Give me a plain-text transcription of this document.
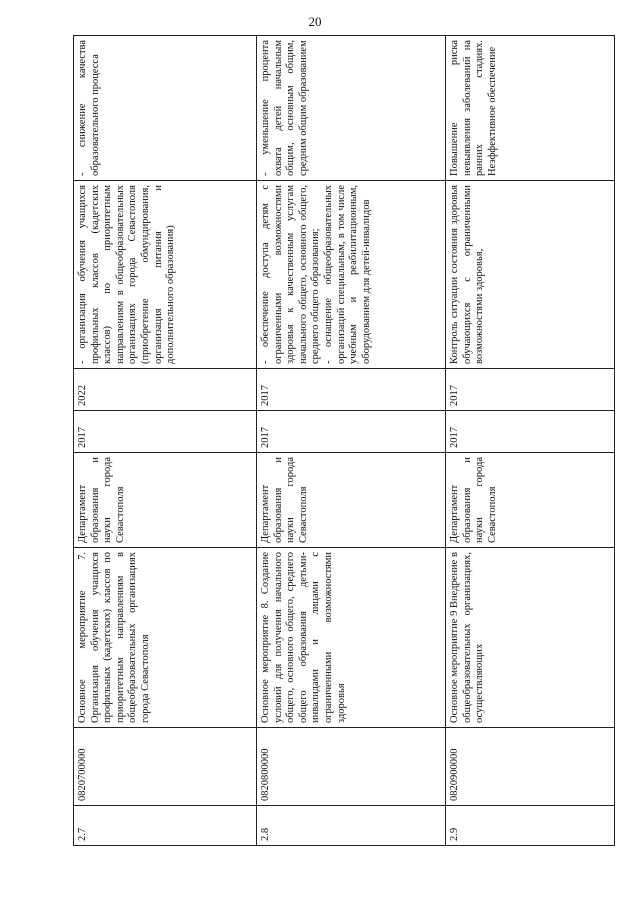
20
2.7	0820700000	Основное мероприятие 7. Организация обучения учащихся профильных (кадетских) классов по приоритетным направлениям в общеобразовательных организациях города Севастополя	Департамент образования и науки города Севастополя	2017	2022	- организация обучения учащихся профильных классов (кадетских классов) по приоритетным направлениям в общеобразовательных организациях города Севастополя (приобретение обмундирования, организация питания и дополнительного образования)	- снижение качества образовательного процесса

2.8	0820800000	Основное мероприятие 8. Создание условий для получения начального общего, основного общего, среднего общего образования детьми-инвалидами и лицами с ограниченными возможностями здоровья	Департамент образования и науки города Севастополя	2017	2017	- обеспечение доступа детям с ограниченными возможностями здоровья к качественным услугам начального общего, основного общего, среднего общего образования;
- оснащение общеобразовательных организаций специальным, в том числе учебным и реабилитационным, оборудованием для детей-инвалидов	- уменьшение процента охвата детей начальным общим, основным общим, средним общим образованием

2.9	0820900000	Основное мероприятие 9 Внедрение в общеобразовательных организациях, осуществляющих	Департамент образования и науки города Севастополя	2017	2017	Контроль ситуации состояния здоровья обучающихся с ограниченными возможностями здоровья,	Повышение риска невыявления заболеваний на ранних стадиях. Неэффективное обеспечение
